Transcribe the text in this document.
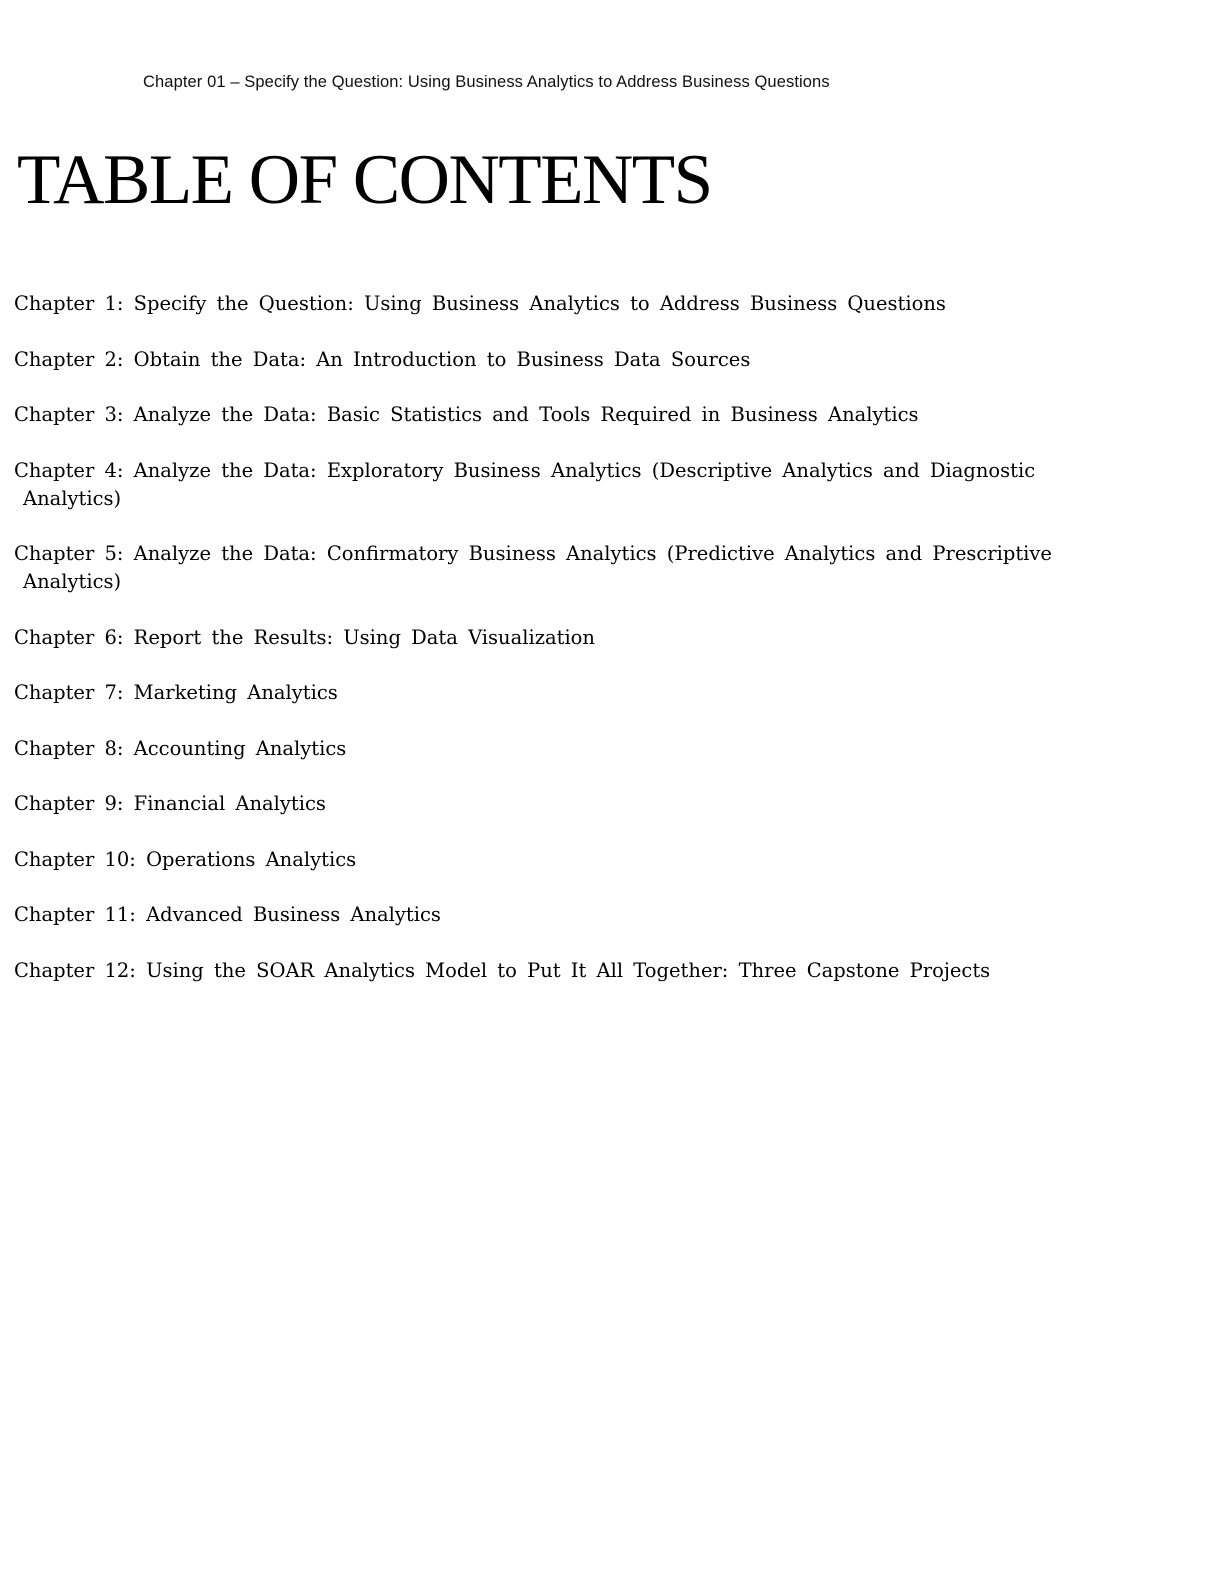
Chapter 01 – Specify the Question: Using Business Analytics to Address Business Questions
TABLE OF CONTENTS
Chapter 1: Specify the Question: Using Business Analytics to Address Business Questions
Chapter 2: Obtain the Data: An Introduction to Business Data Sources
Chapter 3: Analyze the Data: Basic Statistics and Tools Required in Business Analytics
Chapter 4: Analyze the Data: Exploratory Business Analytics (Descriptive Analytics and Diagnostic
Analytics)
Chapter 5: Analyze the Data: Confirmatory Business Analytics (Predictive Analytics and Prescriptive
Analytics)
Chapter 6: Report the Results: Using Data Visualization
Chapter 7: Marketing Analytics
Chapter 8: Accounting Analytics
Chapter 9: Financial Analytics
Chapter 10: Operations Analytics
Chapter 11: Advanced Business Analytics
Chapter 12: Using the SOAR Analytics Model to Put It All Together: Three Capstone Projects
